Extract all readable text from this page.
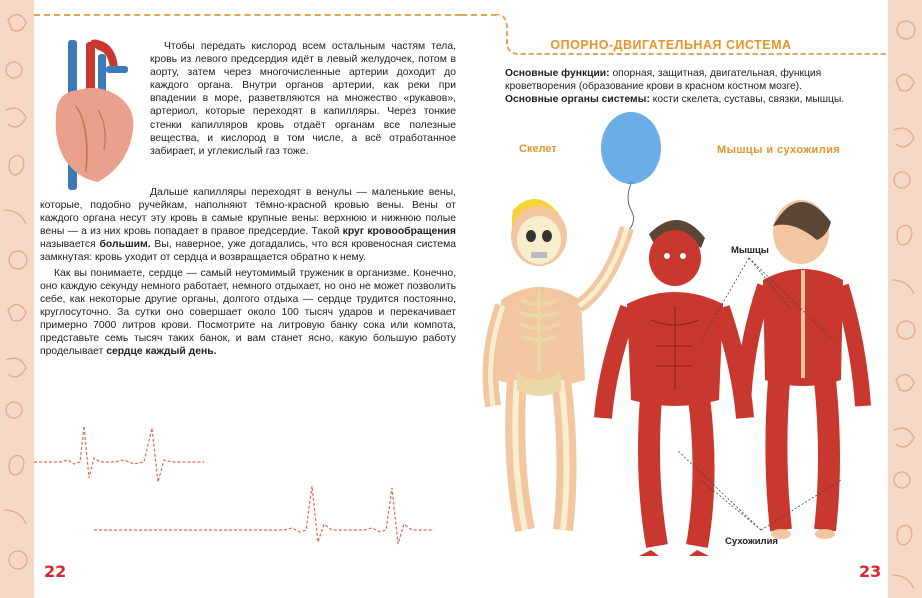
Чтобы передать кислород всем остальным частям тела, кровь из левого предсердия идёт в левый желудочек, потом в аорту, затем через многочисленные артерии доходит до каждого органа. Внутри органов артерии, как реки при впадении в море, разветвляются на множество «рукавов», артериол, которые переходят в капилляры. Через тонкие стенки капилляров кровь отдаёт органам все полезные вещества, и кислород в том числе, а всё отработанное забирает, и углекислый газ тоже.

Дальше капилляры переходят в венулы — маленькие вены, которые, подобно ручейкам, наполняют тёмно-красной кровью вены. Вены от каждого органа несут эту кровь в самые крупные вены: верхнюю и нижнюю полые вены — а из них кровь попадает в правое предсердие. Такой круг кровообращения называется большим. Вы, наверное, уже догадались, что вся кровеносная система замкнутая: кровь уходит от сердца и возвращается обратно к нему.

Как вы понимаете, сердце — самый неутомимый труженик в организме. Конечно, оно каждую секунду немного работает, немного отдыхает, но оно не может позволить себе, как некоторые другие органы, долгого отдыха — сердце трудится постоянно, круглосуточно. За сутки оно совершает около 100 тысяч ударов и перекачивает примерно 7000 литров крови. Посмотрите на литровую банку сока или компота, представьте семь тысяч таких банок, и вам станет ясно, какую большую работу проделывает сердце каждый день.

22
ОПОРНО-ДВИГАТЕЛЬНАЯ СИСТЕМА

Основные функции: опорная, защитная, двигательная, функция кроветворения (образование крови в красном костном мозге).

Основные органы системы: кости скелета, суставы, связки, мышцы.

Скелет	Мышцы и сухожилия
Мышцы
Сухожилия
23
